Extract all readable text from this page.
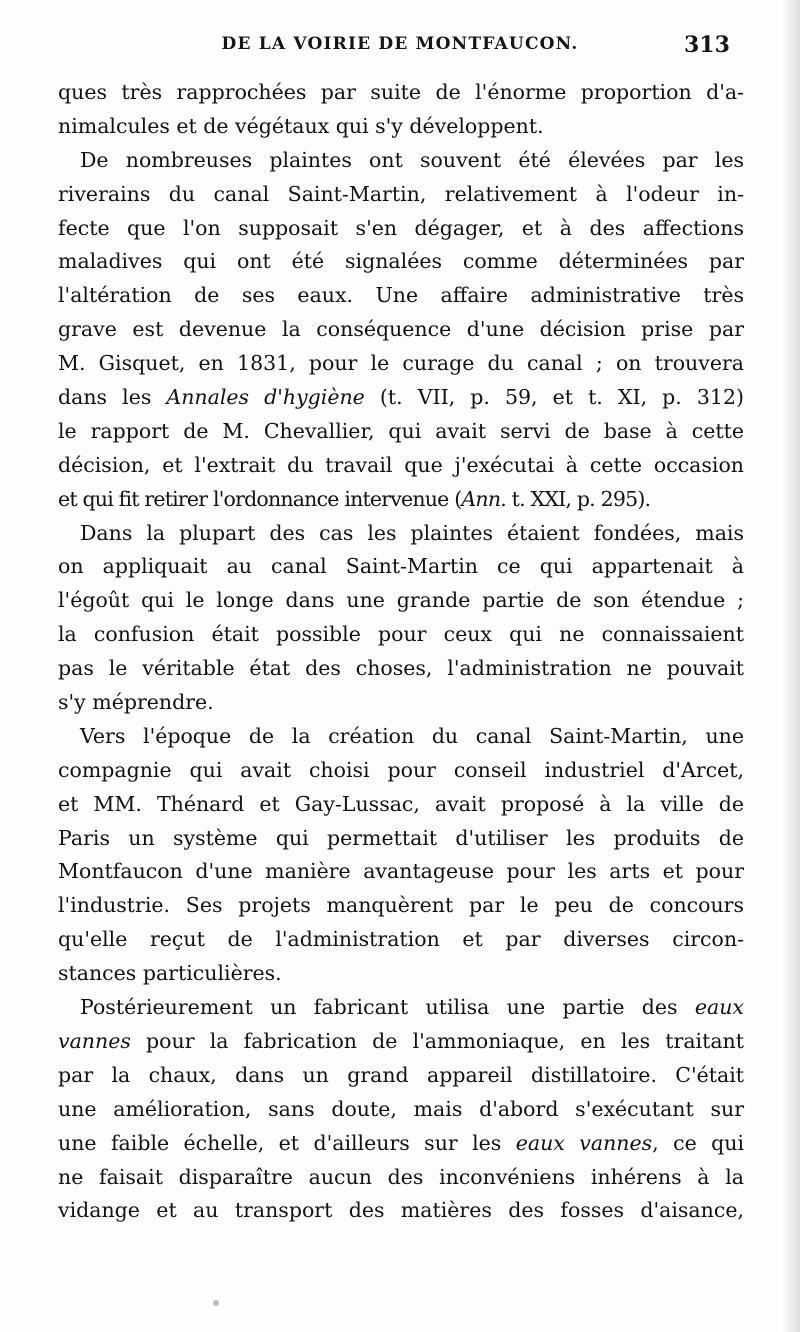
DE LA VOIRIE DE MONTFAUCON.	313
ques très rapprochées par suite de l'énorme proportion d'a-
nimalcules et de végétaux qui s'y développent.
De nombreuses plaintes ont souvent été élevées par les
riverains du canal Saint-Martin, relativement à l'odeur in-
fecte que l'on supposait s'en dégager, et à des affections
maladives qui ont été signalées comme déterminées par
l'altération de ses eaux. Une affaire administrative très
grave est devenue la conséquence d'une décision prise par
M. Gisquet, en 1831, pour le curage du canal ; on trouvera
dans les Annales d'hygiène (t. VII, p. 59, et t. XI, p. 312)
le rapport de M. Chevallier, qui avait servi de base à cette
décision, et l'extrait du travail que j'exécutai à cette occasion
et qui fit retirer l'ordonnance intervenue (Ann. t. XXI, p. 295).
Dans la plupart des cas les plaintes étaient fondées, mais
on appliquait au canal Saint-Martin ce qui appartenait à
l'égoût qui le longe dans une grande partie de son étendue ;
la confusion était possible pour ceux qui ne connaissaient
pas le véritable état des choses, l'administration ne pouvait
s'y méprendre.
Vers l'époque de la création du canal Saint-Martin, une
compagnie qui avait choisi pour conseil industriel d'Arcet,
et MM. Thénard et Gay-Lussac, avait proposé à la ville de
Paris un système qui permettait d'utiliser les produits de
Montfaucon d'une manière avantageuse pour les arts et pour
l'industrie. Ses projets manquèrent par le peu de concours
qu'elle reçut de l'administration et par diverses circon-
stances particulières.
Postérieurement un fabricant utilisa une partie des eaux
vannes pour la fabrication de l'ammoniaque, en les traitant
par la chaux, dans un grand appareil distillatoire. C'était
une amélioration, sans doute, mais d'abord s'exécutant sur
une faible échelle, et d'ailleurs sur les eaux vannes, ce qui
ne faisait disparaître aucun des inconvéniens inhérens à la
vidange et au transport des matières des fosses d'aisance,
